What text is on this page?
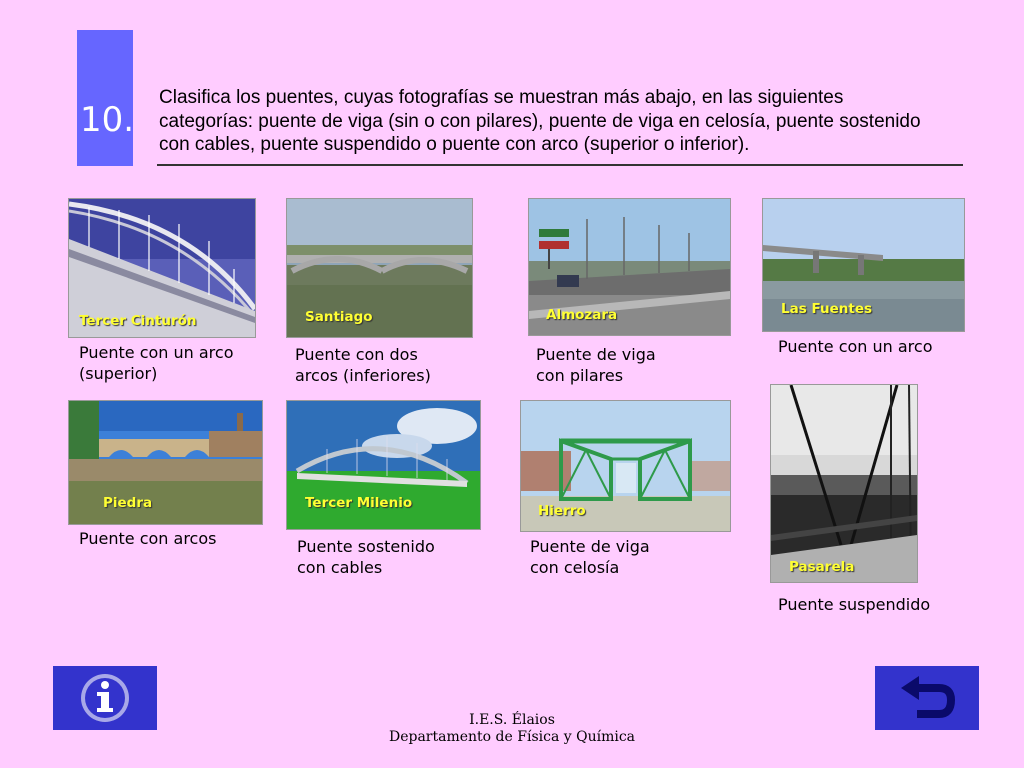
10.
Clasifica los puentes, cuyas fotografías se muestran más abajo, en las siguientes
categorías: puente de viga (sin o con pilares), puente de viga en celosía, puente sostenido
con cables, puente suspendido o puente con arco (superior o inferior).
Tercer Cinturón	Santiago	Almozara	Las Fuentes
Piedra	Tercer Milenio	Hierro
Pasarela
Puente con un arco
(superior)
Puente con dos
arcos (inferiores)
Puente de viga
con pilares
Puente con un arco
Puente con arcos	Puente sostenido
con cables
Puente de viga
con celosía
Puente suspendido
I.E.S. Élaios
Departamento de Física y Química
